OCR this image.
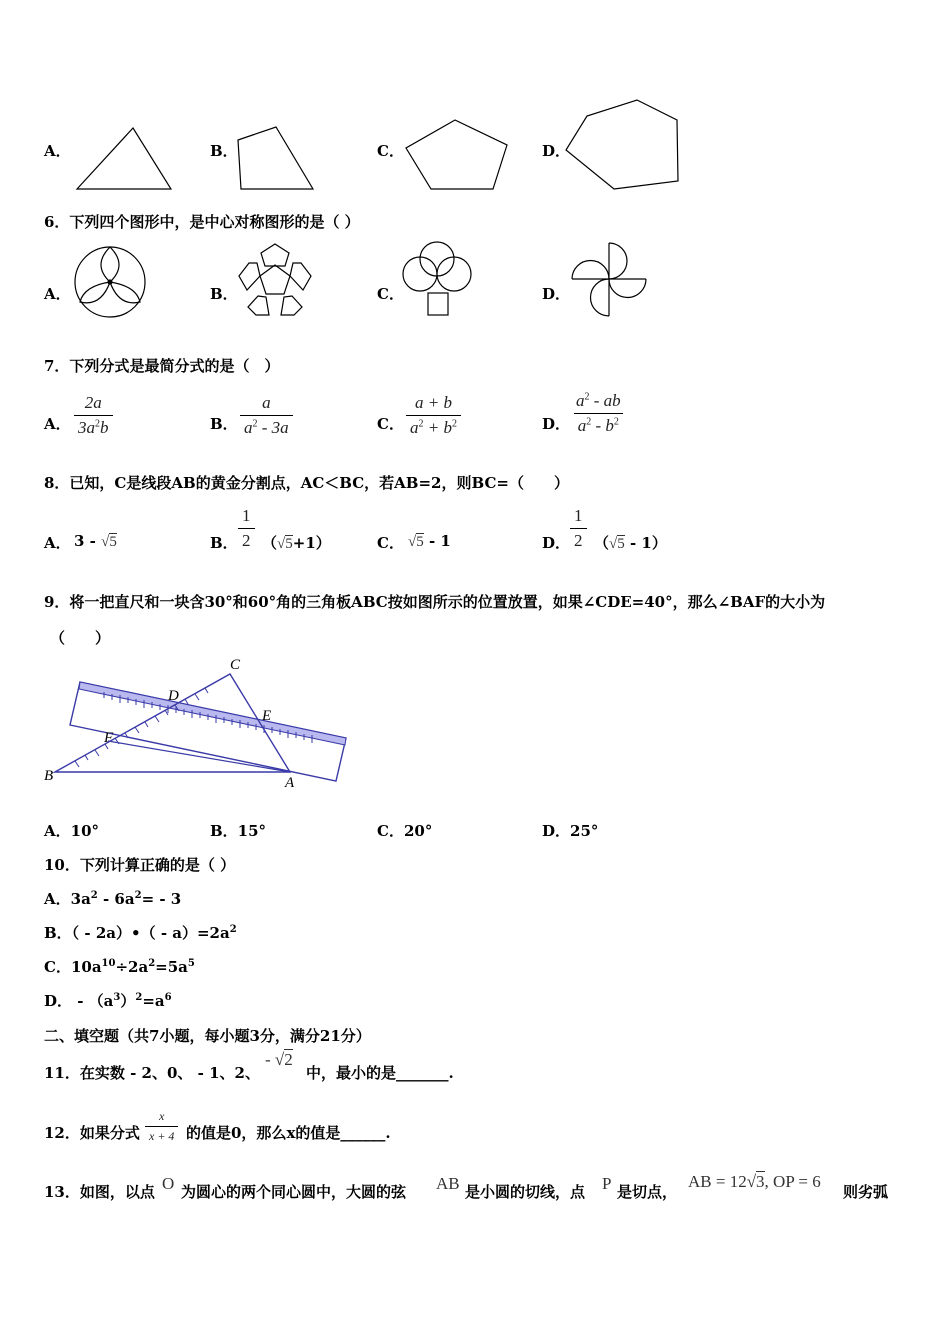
A．	B．	C．	D．
6．下列四个图形中，是中心对称图形的是（ ）
A．	B．	C．	D．
7．下列分式是最简分式的是（　）
A． $\frac{2a}{3a^2b}$	B． $\frac{a}{a^2 - 3a}$	C． $\frac{a + b}{a^2 + b^2}$	D． $\frac{a^2 - ab}{a^2 - b^2}$
8．已知，C是线段AB的黄金分割点，AC＜BC，若AB=2，则BC=（　　）
A． 3 - √5	B． $\frac{1}{2} (√5+1)$	C． √5 - 1	D． $\frac{1}{2} (√5 - 1)$
9．将一把直尺和一块含30°和60°角的三角板ABC按如图所示的位置放置，如果∠CDE=40°，那么∠BAF的大小为
（　　）
C
D
E
F
B	A
A．10°	B．15°	C．20°	D．25°
10．下列计算正确的是（ ）
A．$3a^2 - 6a^2= - 3$
B．（ - 2a）•（ - $a)=2a^2$
C．$10a^{10}\div 2a^2=5a^5$
D． - $(a^3)^2=a^6$
二、填空题（共7小题，每小题3分，满分21分）
11．在实数 - 2、0、 - 1、2、
- √2
中，最小的是_______.
12．如果分式 $\frac{x}{x + 4}$ 的值是0，那么x的值是______.
13．如图，以点 O 为圆心的两个同心圆中，大圆的弦 AB 是小圆的切线，点 P 是切点，
AB = 12√3, OP = 6
则劣弧
